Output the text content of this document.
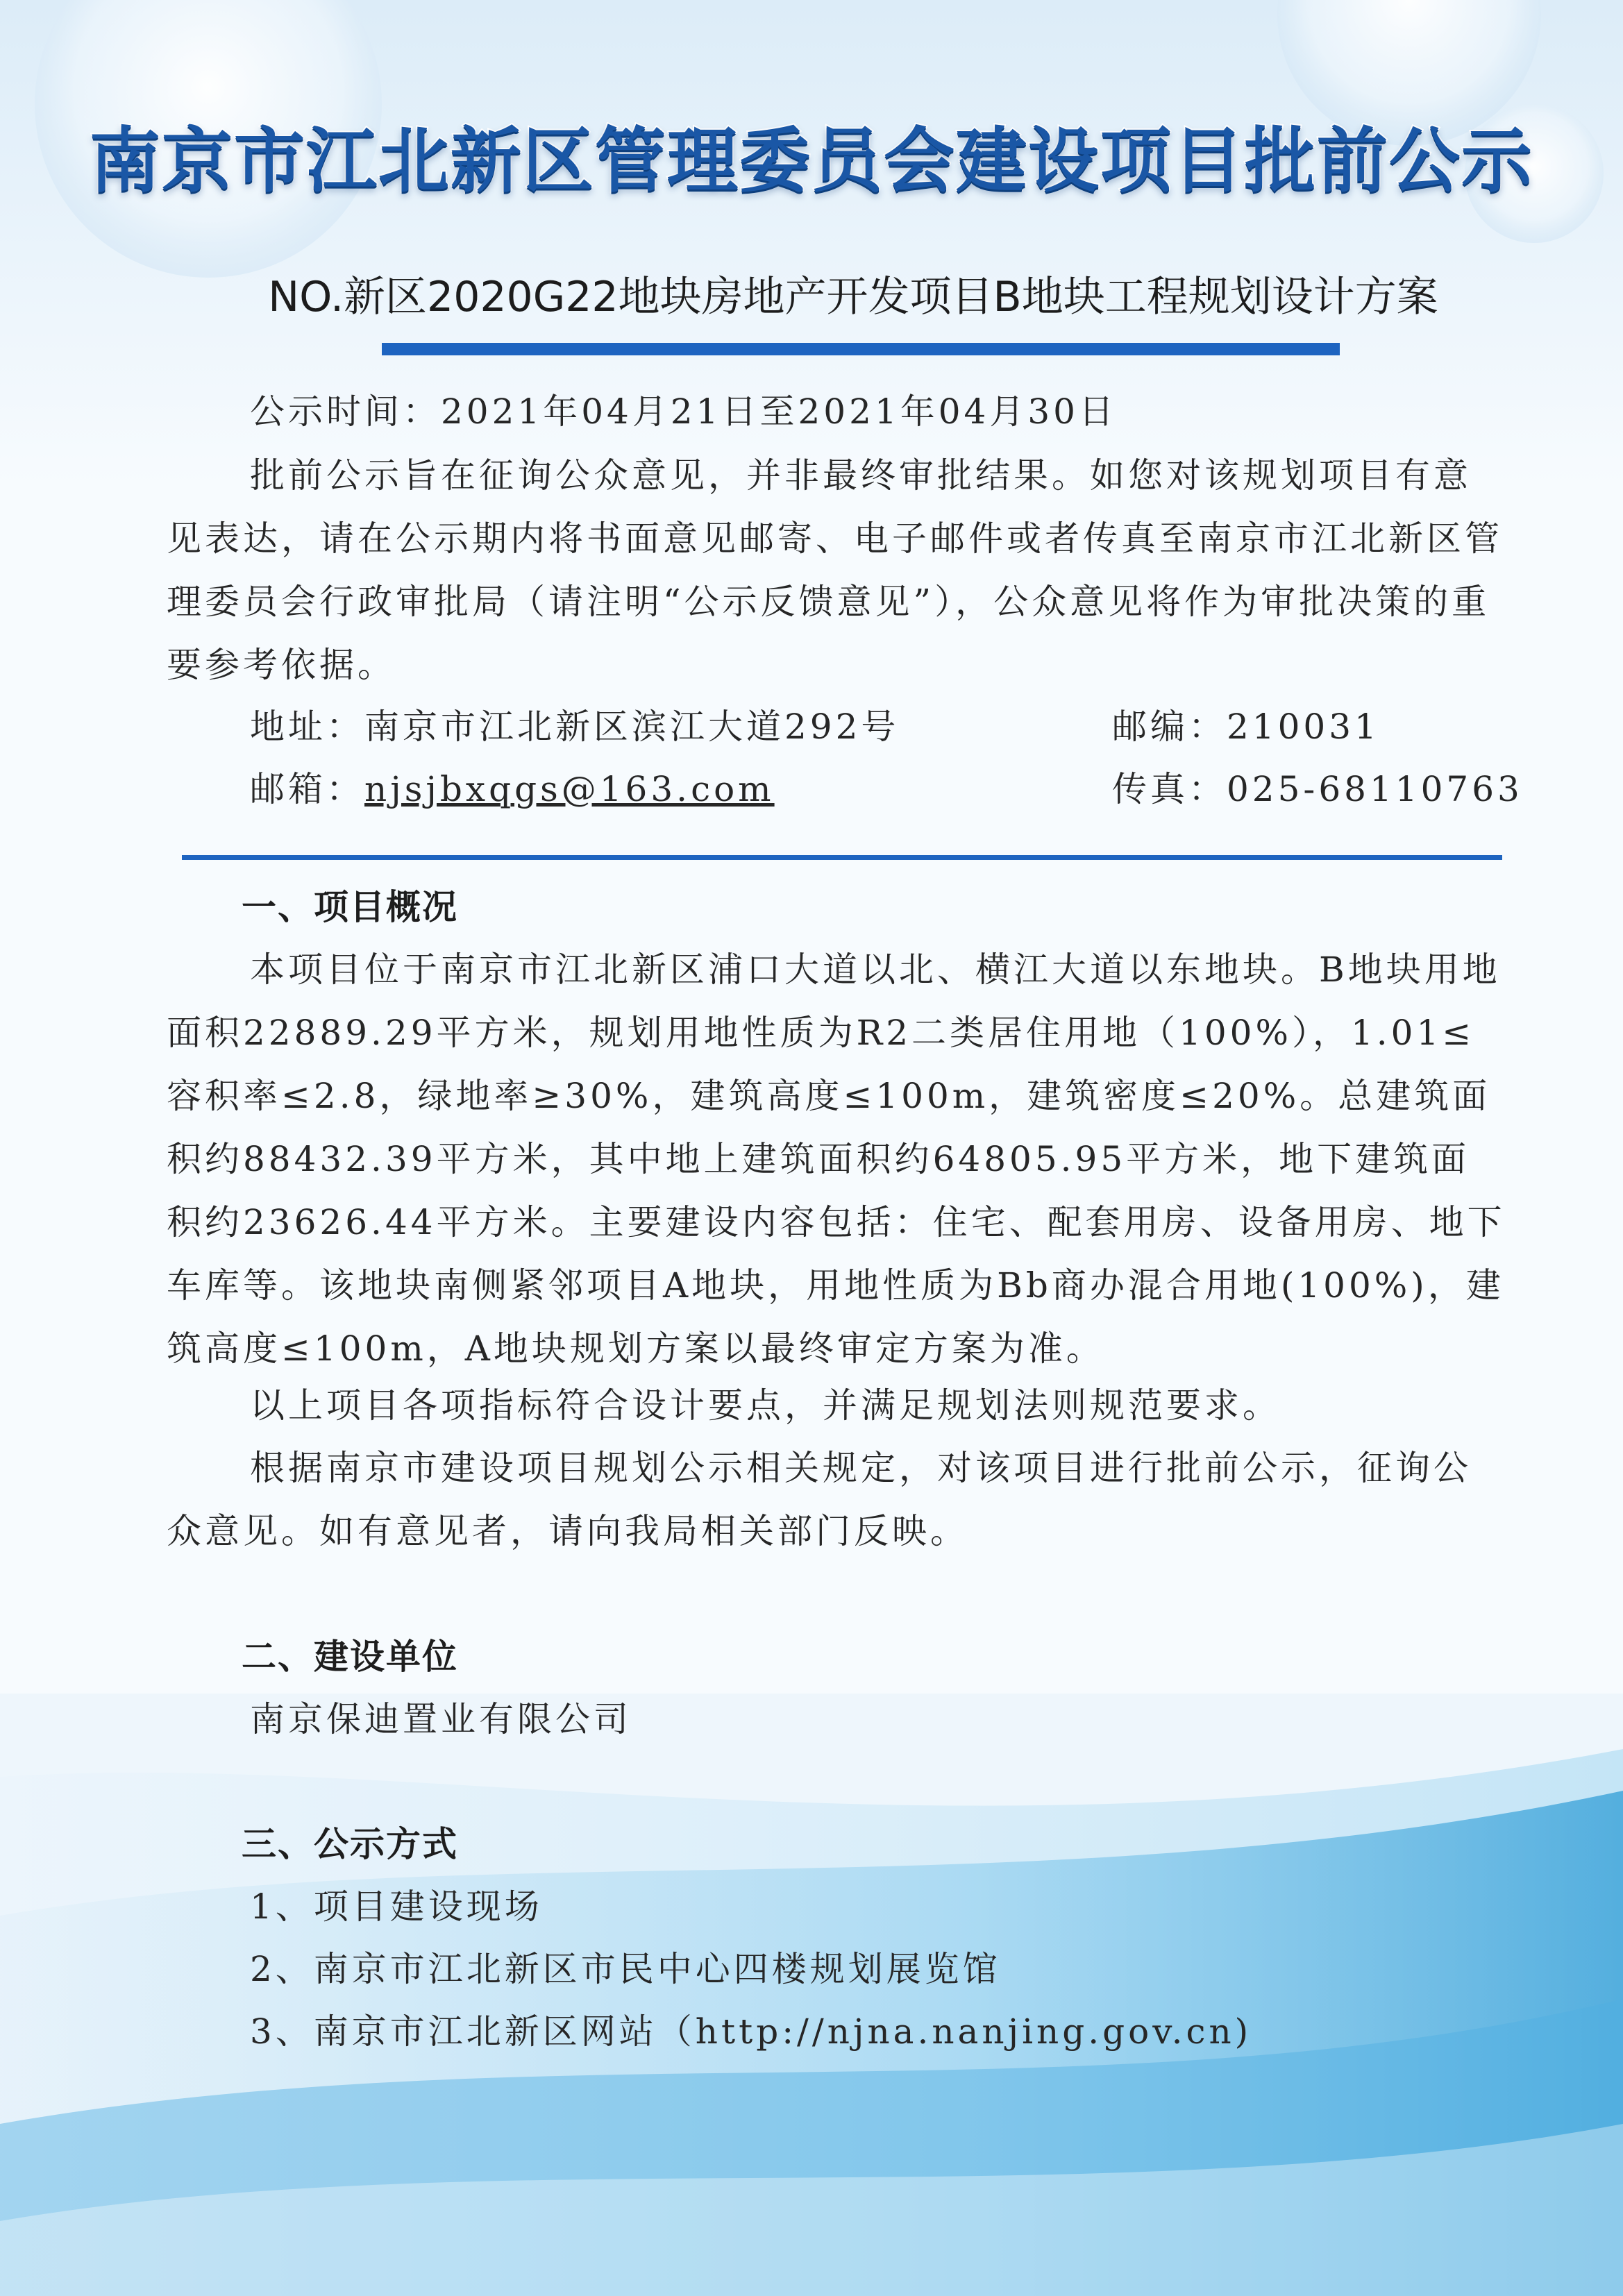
南京市江北新区管理委员会建设项目批前公示
NO.新区2020G22地块房地产开发项目B地块工程规划设计方案
公示时间：2021年04月21日至2021年04月30日
批前公示旨在征询公众意见，并非最终审批结果。如您对该规划项目有意见表达，请在公示期内将书面意见邮寄、电子邮件或者传真至南京市江北新区管理委员会行政审批局（请注明“公示反馈意见”），公众意见将作为审批决策的重要参考依据。
地址：南京市江北新区滨江大道292号	邮编：210031
邮箱：njsjbxqgs@163.com	传真：025-68110763
一、项目概况
本项目位于南京市江北新区浦口大道以北、横江大道以东地块。B地块用地面积22889.29平方米，规划用地性质为R2二类居住用地（100%），1.01≤容积率≤2.8，绿地率≥30%，建筑高度≤100m，建筑密度≤20%。总建筑面积约88432.39平方米，其中地上建筑面积约64805.95平方米，地下建筑面积约23626.44平方米。主要建设内容包括：住宅、配套用房、设备用房、地下车库等。该地块南侧紧邻项目A地块，用地性质为Bb商办混合用地(100%)，建筑高度≤100m，A地块规划方案以最终审定方案为准。
以上项目各项指标符合设计要点，并满足规划法则规范要求。
根据南京市建设项目规划公示相关规定，对该项目进行批前公示，征询公众意见。如有意见者，请向我局相关部门反映。
二、建设单位
南京保迪置业有限公司
三、公示方式
1、项目建设现场
2、南京市江北新区市民中心四楼规划展览馆
3、南京市江北新区网站（http://njna.nanjing.gov.cn)
